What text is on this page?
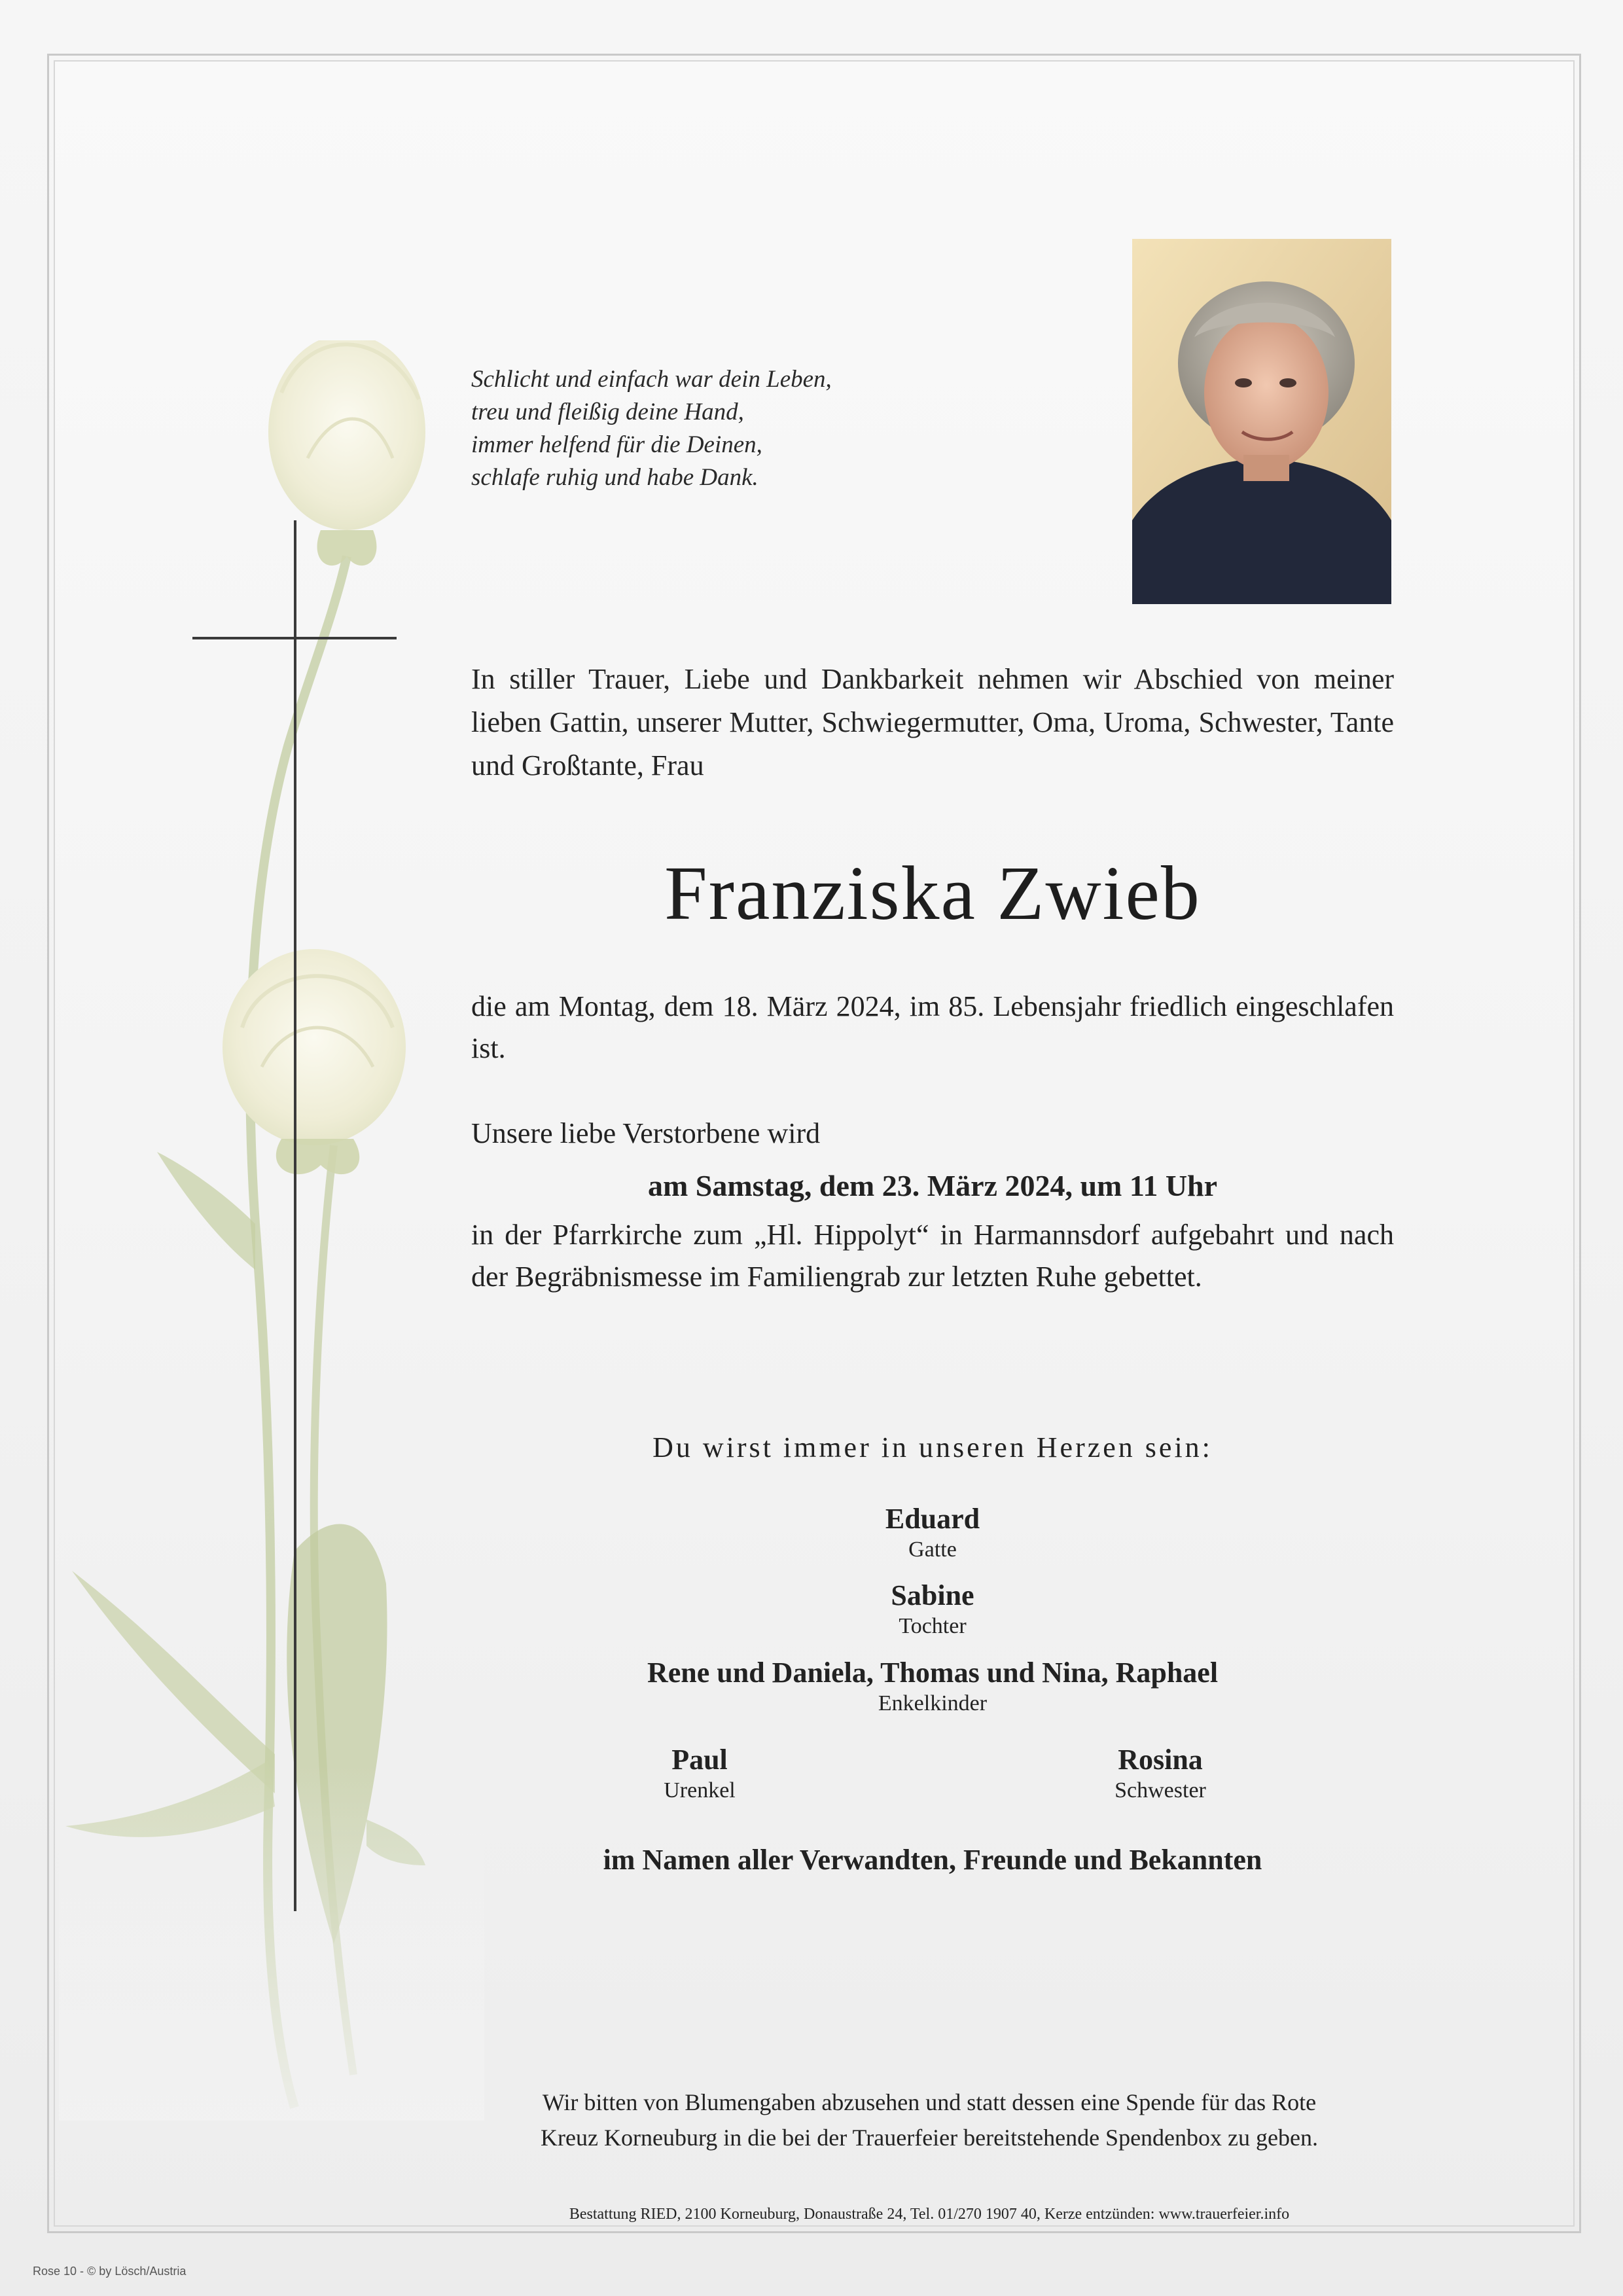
Schlicht und einfach war dein Leben,
treu und fleißig deine Hand,
immer helfend für die Deinen,
schlafe ruhig und habe Dank.
In stiller Trauer, Liebe und Dankbarkeit nehmen wir Abschied von meiner lieben Gattin, unserer Mutter, Schwiegermutter, Oma, Uroma, Schwester, Tante und Großtante, Frau
Franziska Zwieb
die am Montag, dem 18. März 2024, im 85. Lebensjahr friedlich eingeschlafen ist.
Unsere liebe Verstorbene wird
am Samstag, dem 23. März 2024, um 11 Uhr
in der Pfarrkirche zum „Hl. Hippolyt“ in Harmannsdorf aufgebahrt und nach der Begräbnismesse im Familiengrab zur letzten Ruhe gebettet.
Du wirst immer in unseren Herzen sein:
Eduard
Gatte
Sabine
Tochter
Rene und Daniela, Thomas und Nina, Raphael
Enkelkinder
Paul
Urenkel
Rosina
Schwester
im Namen aller Verwandten, Freunde und Bekannten
Wir bitten von Blumengaben abzusehen und statt dessen eine Spende für das Rote
Kreuz Korneuburg in die bei der Trauerfeier bereitstehende Spendenbox zu geben.
Bestattung RIED, 2100 Korneuburg, Donaustraße 24, Tel. 01/270 1907 40, Kerze entzünden: www.trauerfeier.info
Rose 10 - © by Lösch/Austria
